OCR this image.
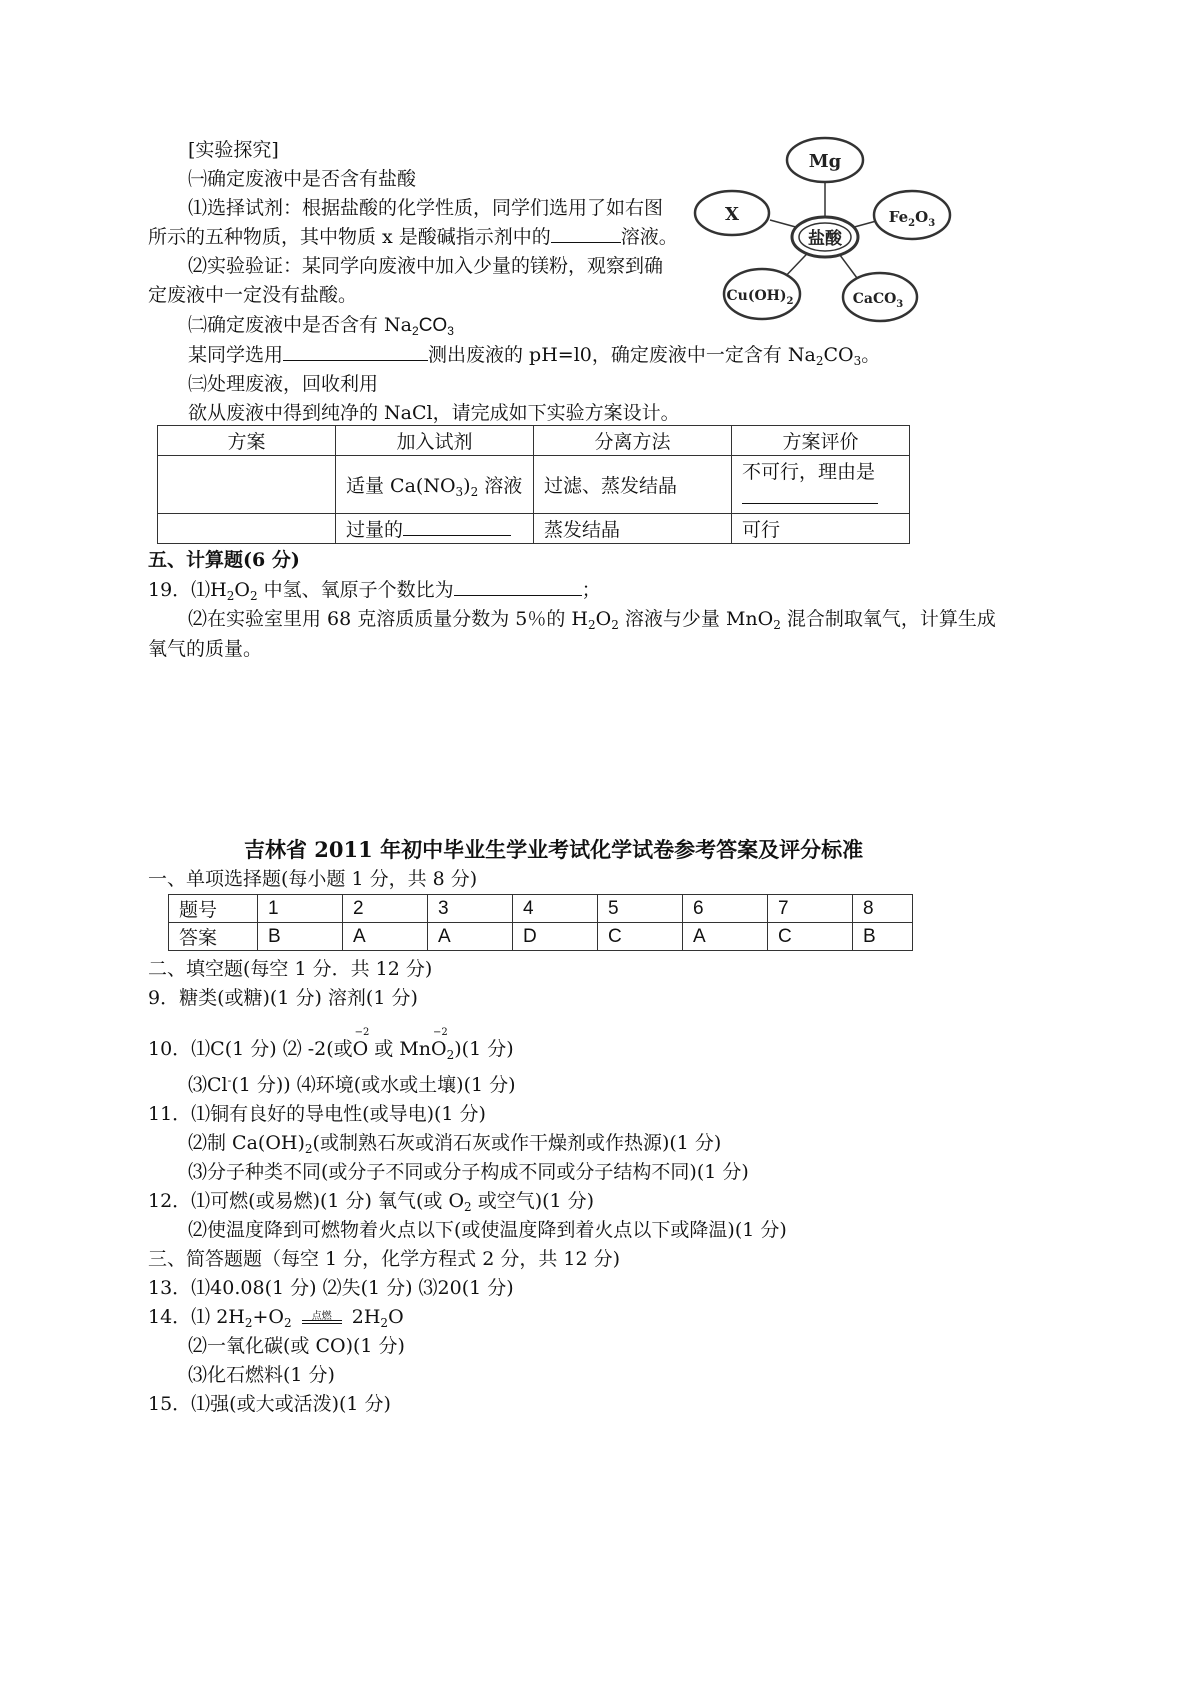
[实验探究]
㈠确定废液中是否含有盐酸
⑴选择试剂：根据盐酸的化学性质，同学们选用了如右图
所示的五种物质，其中物质 x 是酸碱指示剂中的	溶液。
⑵实验验证：某同学向废液中加入少量的镁粉，观察到确
定废液中一定没有盐酸。
㈡确定废液中是否含有 $Na_2CO_3$
某同学选用	测出废液的 pH=l0，确定废液中一定含有 $Na_2CO_3$。
㈢处理废液，回收利用
欲从废液中得到纯净的 NaCl，请完成如下实验方案设计。
Mg
X	$Fe_2O_3$
$Cu(OH)_2$	CaCO$_3$
盐酸
方案	加入试剂	分离方法	方案评价
	适量 $Ca(NO_3)_2$ 溶液	过滤、蒸发结晶	不可行，理由是

	过量的	蒸发结晶	可行
五、计算题(6 分)
19．$⑴H_2O_2$ 中氢、氧原子个数比为	；
⑵在实验室里用 68 克溶质质量分数为 5％的 $H_2O_2$ 溶液与少量 MnO$_2$ 混合制取氧气，计算生成
氧气的质量。
吉林省 2011 年初中毕业生学业考试化学试卷参考答案及评分标准
一、单项选择题(每小题 1 分，共 8 分)
题号	1	2	3	4	5	6	7	8
答案	B	A	A	D	C	A	C	B
二、填空题(每空 1 分．共 12 分)
9．糖类(或糖)(1 分) 溶剂(1 分)
10．⑴C(1 分) ⑵ -2(或
−2
O 或 Mn
−2
$O_2)(1$ 分)
⑶Cl-(1 分)) ⑷环境(或水或土壤)(1 分)
11．⑴铜有良好的导电性(或导电)(1 分)
⑵制 $Ca(OH)_2$(或制熟石灰或消石灰或作干燥剂或作热源)(1 分)
⑶分子种类不同(或分子不同或分子构成不同或分子结构不同)(1 分)
12．⑴可燃(或易燃)(1 分) 氧气(或 $O_2$ 或空气)(1 分)
⑵使温度降到可燃物着火点以下(或使温度降到着火点以下或降温)(1 分)
三、简答题题（每空 1 分，化学方程式 2 分，共 12 分)
13．⑴40.08(1 分) ⑵失(1 分) ⑶20(1 分)
14．⑴ $2H_2+O_2$	点燃	$2H_2O$
⑵一氧化碳(或 CO)(1 分)
⑶化石燃料(1 分)
15．⑴强(或大或活泼)(1 分)
